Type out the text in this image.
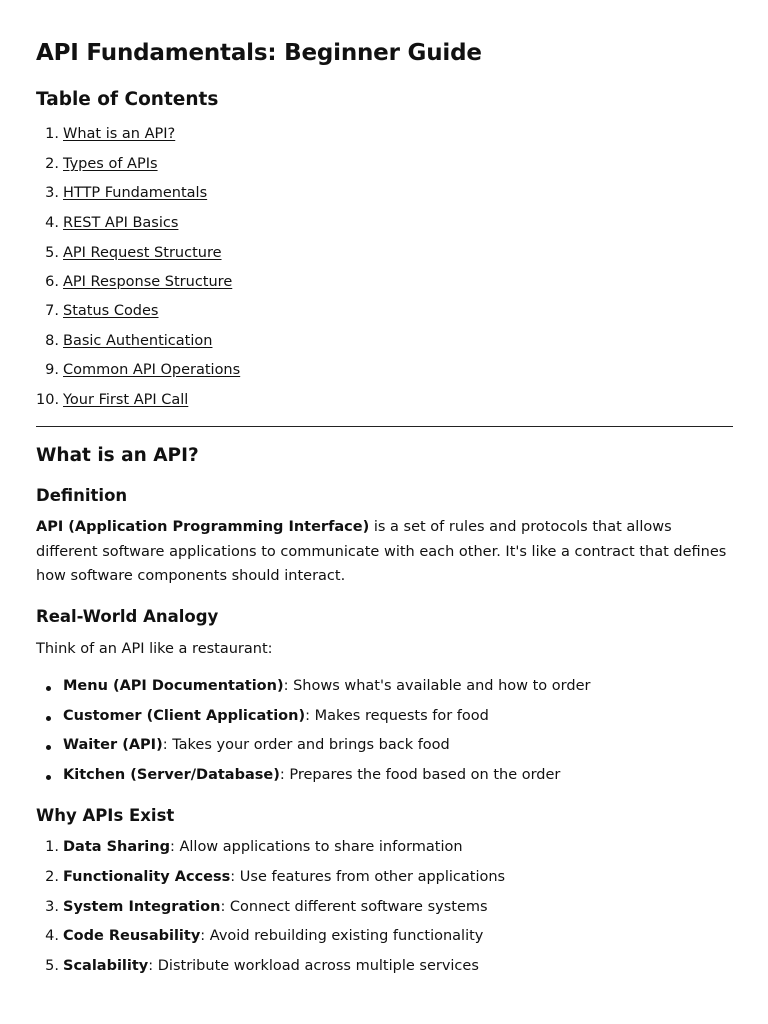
API Fundamentals: Beginner Guide
Table of Contents
1. What is an API?
2. Types of APIs
3. HTTP Fundamentals
4. REST API Basics
5. API Request Structure
6. API Response Structure
7. Status Codes
8. Basic Authentication
9. Common API Operations
10. Your First API Call
What is an API?
Definition

API (Application Programming Interface) is a set of rules and protocols that allows different software applications to communicate with each other. It's like a contract that defines how software components should interact.

Real-World Analogy

Think of an API like a restaurant:

Menu (API Documentation): Shows what's available and how to order
Customer (Client Application): Makes requests for food
Waiter (API): Takes your order and brings back food
Kitchen (Server/Database): Prepares the food based on the order
Why APIs Exist
1. Data Sharing: Allow applications to share information
2. Functionality Access: Use features from other applications
3. System Integration: Connect different software systems
4. Code Reusability: Avoid rebuilding existing functionality
5. Scalability: Distribute workload across multiple services
